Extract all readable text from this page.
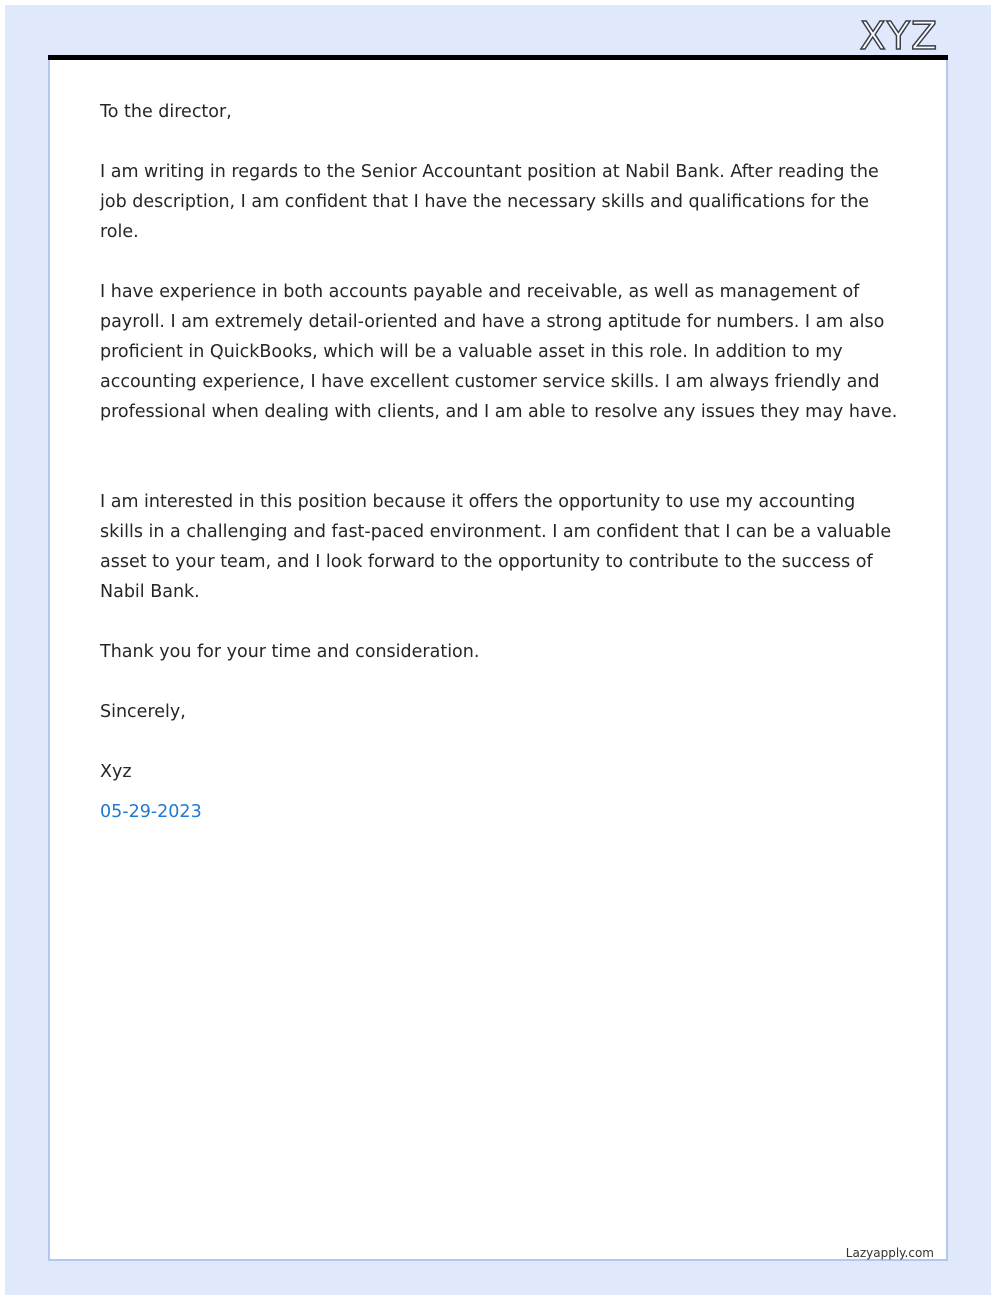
XYZ

To the director,

I am writing in regards to the Senior Accountant position at Nabil Bank. After reading the job description, I am confident that I have the necessary skills and qualifications for the role.

I have experience in both accounts payable and receivable, as well as management of payroll. I am extremely detail-oriented and have a strong aptitude for numbers. I am also proficient in QuickBooks, which will be a valuable asset in this role. In addition to my accounting experience, I have excellent customer service skills. I am always friendly and professional when dealing with clients, and I am able to resolve any issues they may have.

I am interested in this position because it offers the opportunity to use my accounting skills in a challenging and fast-paced environment. I am confident that I can be a valuable asset to your team, and I look forward to the opportunity to contribute to the success of Nabil Bank.

Thank you for your time and consideration.

Sincerely,

Xyz

05-29-2023

Lazyapply.com
